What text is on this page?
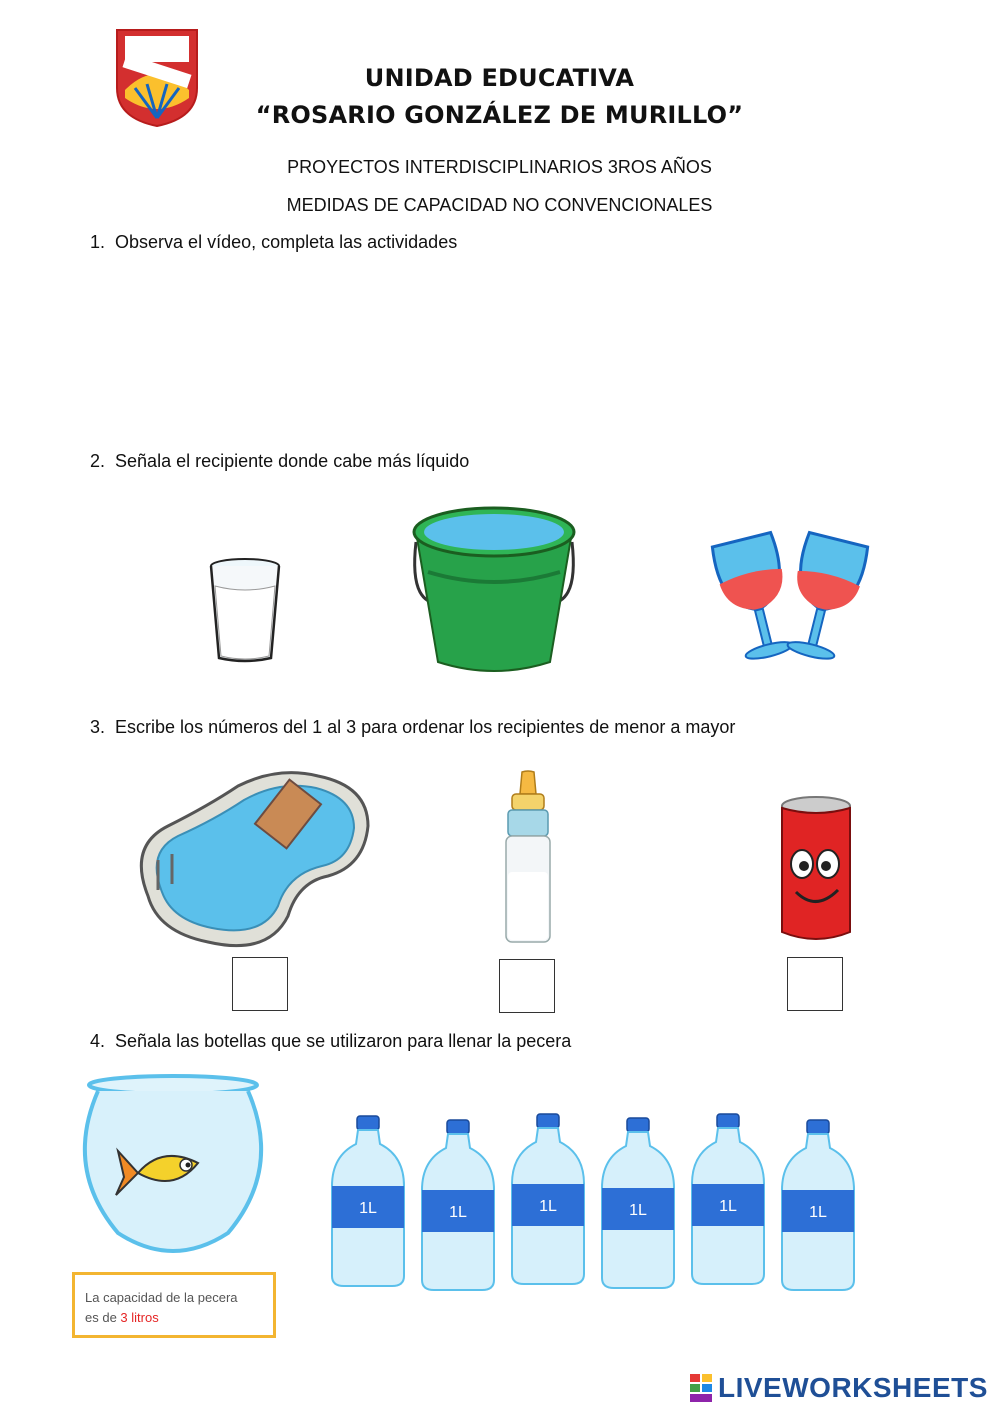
UNIDAD EDUCATIVA
“ROSARIO GONZÁLEZ DE MURILLO”
PROYECTOS INTERDISCIPLINARIOS 3ROS AÑOS
MEDIDAS DE CAPACIDAD NO CONVENCIONALES
1. Observa el vídeo, completa las actividades
2. Señala el recipiente donde cabe más líquido
3. Escribe los números del 1 al 3 para ordenar los recipientes de menor a mayor
4. Señala las botellas que se utilizaron para llenar la pecera
La capacidad de la pecera
es de 3 litros
1L	1L	1L	1L	1L	1L
LIVEWORKSHEETS
